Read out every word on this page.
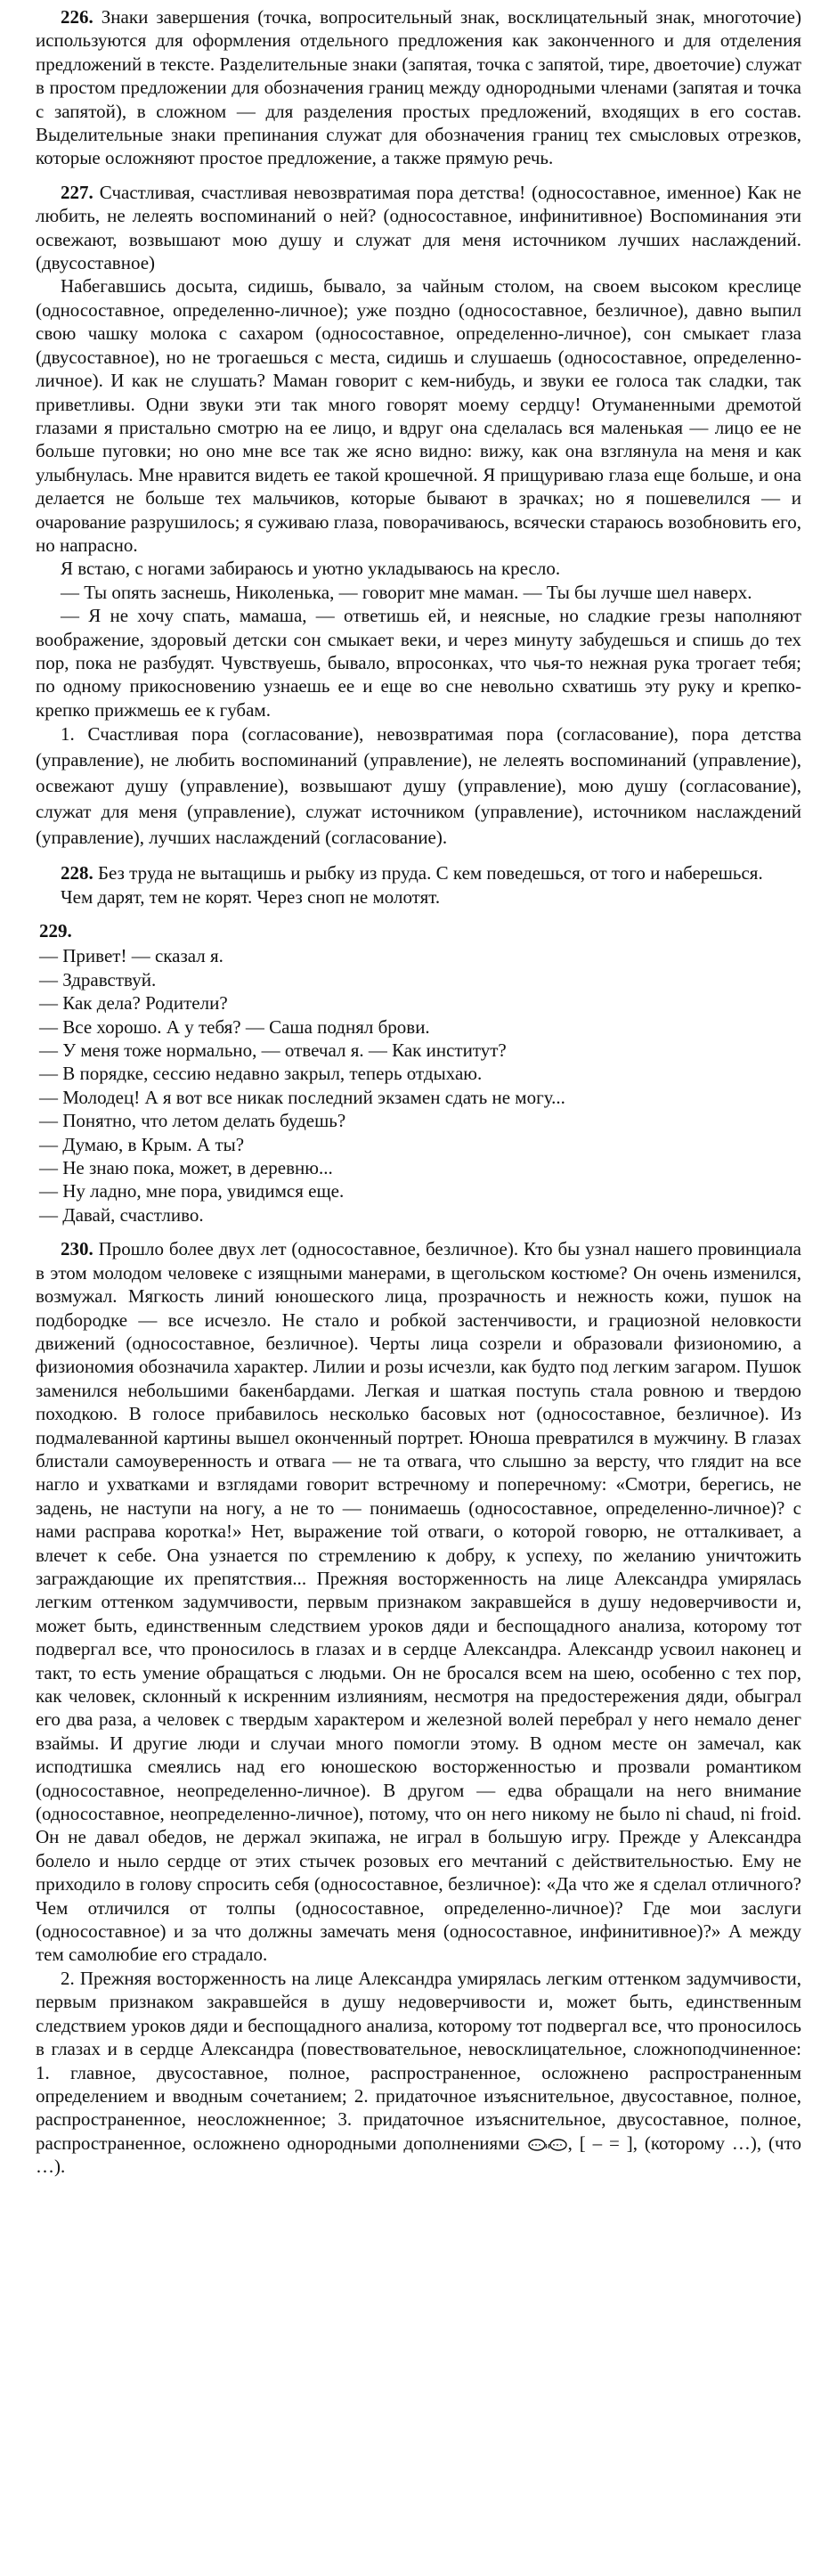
226. Знаки завершения (точка, вопросительный знак, восклицательный знак, многоточие) используются для оформления отдельного предложения как законченного и для отделения предложений в тексте. Разделительные знаки (запятая, точка с запятой, тире, двоеточие) служат в простом предложении для обозначения границ между однородными членами (запятая и точка с запятой), в сложном — для разделения простых предложений, входящих в его состав. Выделительные знаки препинания служат для обозначения границ тех смысловых отрезков, которые осложняют простое предложение, а также прямую речь.

227. Счастливая, счастливая невозвратимая пора детства! (односоставное, именное) Как не любить, не лелеять воспоминаний о ней? (односоставное, инфинитивное) Воспоминания эти освежают, возвышают мою душу и служат для меня источником лучших наслаждений. (двусоставное)

Набегавшись досыта, сидишь, бывало, за чайным столом, на своем высоком креслице (односоставное, определенно-личное); уже поздно (односоставное, безличное), давно выпил свою чашку молока с сахаром (односоставное, определенно-личное), сон смыкает глаза (двусоставное), но не трогаешься с места, сидишь и слушаешь (односоставное, определенно-личное). И как не слушать? Маман говорит с кем-нибудь, и звуки ее голоса так сладки, так приветливы. Одни звуки эти так много говорят моему сердцу! Отуманенными дремотой глазами я пристально смотрю на ее лицо, и вдруг она сделалась вся маленькая — лицо ее не больше пуговки; но оно мне все так же ясно видно: вижу, как она взглянула на меня и как улыбнулась. Мне нравится видеть ее такой крошечной. Я прищуриваю глаза еще больше, и она делается не больше тех мальчиков, которые бывают в зрачках; но я пошевелился — и очарование разрушилось; я суживаю глаза, поворачиваюсь, всячески стараюсь возобновить его, но напрасно.

Я встаю, с ногами забираюсь и уютно укладываюсь на кресло.

— Ты опять заснешь, Николенька, — говорит мне маман. — Ты бы лучше шел наверх.

— Я не хочу спать, мамаша, — ответишь ей, и неясные, но сладкие грезы наполняют воображение, здоровый детски сон смыкает веки, и через минуту забудешься и спишь до тех пор, пока не разбудят. Чувствуешь, бывало, впросонках, что чья-то нежная рука трогает тебя; по одному прикосновению узнаешь ее и еще во сне невольно схватишь эту руку и крепко-крепко прижмешь ее к губам.

1. Счастливая пора (согласование), невозвратимая пора (согласование), пора детства (управление), не любить воспоминаний (управление), не лелеять воспоминаний (управление), освежают душу (управление), возвышают душу (управление), мою душу (согласование), служат для меня (управление), служат источником (управление), источником наслаждений (управление), лучших наслаждений (согласование).

228. Без труда не вытащишь и рыбку из пруда. С кем поведешься, от того и наберешься.

Чем дарят, тем не корят. Через сноп не молотят.

229.

— Привет! — сказал я.

— Здравствуй.

— Как дела? Родители?

— Все хорошо. А у тебя? — Саша поднял брови.

— У меня тоже нормально, — отвечал я. — Как институт?

— В порядке, сессию недавно закрыл, теперь отдыхаю.

— Молодец! А я вот все никак последний экзамен сдать не могу...

— Понятно, что летом делать будешь?

— Думаю, в Крым. А ты?

— Не знаю пока, может, в деревню...

— Ну ладно, мне пора, увидимся еще.

— Давай, счастливо.

230. Прошло более двух лет (односоставное, безличное). Кто бы узнал нашего провинциала в этом молодом человеке с изящными манерами, в щегольском костюме? Он очень изменился, возмужал. Мягкость линий юношеского лица, прозрачность и нежность кожи, пушок на подбородке — все исчезло. Не стало и робкой застенчивости, и грациозной неловкости движений (односоставное, безличное). Черты лица созрели и образовали физиономию, а физиономия обозначила характер. Лилии и розы исчезли, как будто под легким загаром. Пушок заменился небольшими бакенбардами. Легкая и шаткая поступь стала ровною и твердою походкою. В голосе прибавилось несколько басовых нот (односоставное, безличное). Из подмалеванной картины вышел оконченный портрет. Юноша превратился в мужчину. В глазах блистали самоуверенность и отвага — не та отвага, что слышно за версту, что глядит на все нагло и ухватками и взглядами говорит встречному и поперечному: «Смотри, берегись, не задень, не наступи на ногу, а не то — понимаешь (односоставное, определенно-личное)? с нами расправа коротка!» Нет, выражение той отваги, о которой говорю, не отталкивает, а влечет к себе. Она узнается по стремлению к добру, к успеху, по желанию уничтожить заграждающие их препятствия... Прежняя восторженность на лице Александра умирялась легким оттенком задумчивости, первым признаком закравшейся в душу недоверчивости и, может быть, единственным следствием уроков дяди и беспощадного анализа, которому тот подвергал все, что проносилось в глазах и в сердце Александра. Александр усвоил наконец и такт, то есть умение обращаться с людьми. Он не бросался всем на шею, особенно с тех пор, как человек, склонный к искренним излияниям, несмотря на предостережения дяди, обыграл его два раза, а человек с твердым характером и железной волей перебрал у него немало денег взаймы. И другие люди и случаи много помогли этому. В одном месте он замечал, как исподтишка смеялись над его юношескою восторженностью и прозвали романтиком (односоставное, неопределенно-личное). В другом — едва обращали на него внимание (односоставное, неопределенно-личное), потому, что он него никому не было ni chaud, ni froid. Он не давал обедов, не держал экипажа, не играл в большую игру. Прежде у Александра болело и ныло сердце от этих стычек розовых его мечтаний с действительностью. Ему не приходило в голову спросить себя (односоставное, безличное): «Да что же я сделал отличного? Чем отличился от толпы (односоставное, определенно-личное)? Где мои заслуги (односоставное) и за что должны замечать меня (односоставное, инфинитивное)?» А между тем самолюбие его страдало.

2. Прежняя восторженность на лице Александра умирялась легким оттенком задумчивости, первым признаком закравшейся в душу недоверчивости и, может быть, единственным следствием уроков дяди и беспощадного анализа, которому тот подвергал все, что проносилось в глазах и в сердце Александра (повествовательное, невосклицательное, сложноподчиненное: 1. главное, двусоставное, полное, распространенное, осложнено распространенным определением и вводным сочетанием; 2. придаточное изъяснительное, двусоставное, полное, распространенное, неосложненное; 3. придаточное изъяснительное, двусоставное, полное, распространенное, осложнено однородными дополнениями	и , [ – = ], (которому …), (что …).
